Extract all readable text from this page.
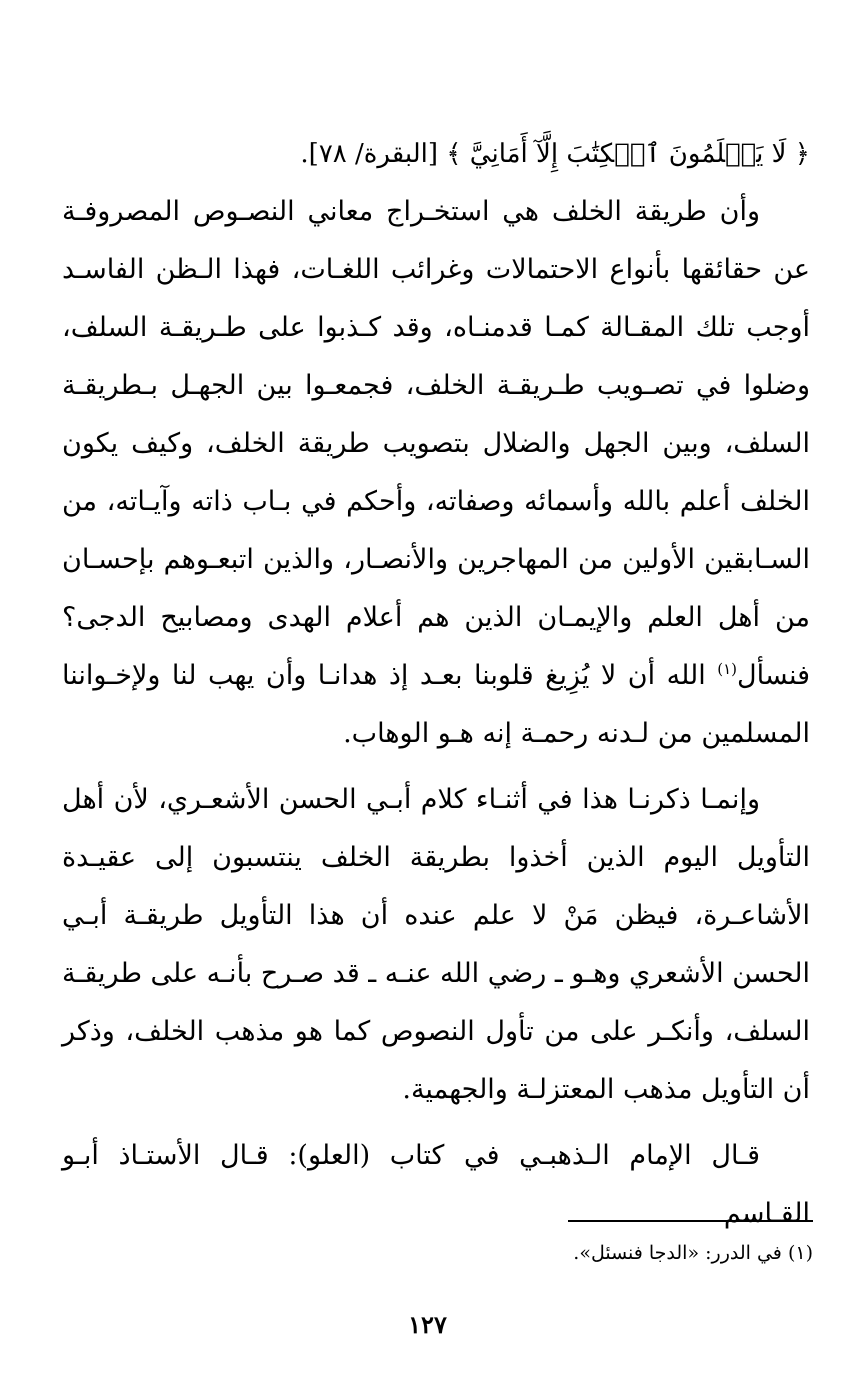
﴿ لَا يَعۡلَمُونَ ٱلۡكِتَٰبَ إِلَّآ أَمَانِيَّ ﴾ [البقرة/ ٧٨].

وأن طريقة الخلف هي استخـراج معاني النصـوص المصروفـة عن حقائقها بأنواع الاحتمالات وغرائب اللغـات، فهذا الـظن الفاسـد أوجب تلك المقـالة كمـا قدمنـاه، وقد كـذبوا على طـريقـة السلف، وضلوا في تصـويب طـريقـة الخلف، فجمعـوا بين الجهـل بـطريقـة السلف، وبين الجهل والضلال بتصويب طريقة الخلف، وكيف يكون الخلف أعلم بالله وأسمائه وصفاته، وأحكم في بـاب ذاته وآيـاته، من السـابقين الأولين من المهاجرين والأنصـار، والذين اتبعـوهم بإحسـان من أهل العلم والإيمـان الذين هم أعلام الهدى ومصابيح الدجى؟ فنسأل$^{(١)}$ الله أن لا يُزِيغ قلوبنا بعـد إذ هدانـا وأن يهب لنا ولإخـواننا المسلمين من لـدنه رحمـة إنه هـو الوهاب.

وإنمـا ذكرنـا هذا في أثنـاء كلام أبـي الحسن الأشعـري، لأن أهل التأويل اليوم الذين أخذوا بطريقة الخلف ينتسبون إلى عقيـدة الأشاعـرة، فيظن مَنْ لا علم عنده أن هذا التأويل طريقـة أبـي الحسن الأشعري وهـو ـ رضي الله عنـه ـ قد صـرح بأنـه على طريقـة السلف، وأنكـر على من تأول النصوص كما هو مذهب الخلف، وذكر أن التأويل مذهب المعتزلـة والجهمية.

قـال الإمام الـذهبـي في كتاب (العلو): قـال الأستـاذ أبـو القـاسم

(١) في الدرر: «الدجا فنسئل».
١٢٧
